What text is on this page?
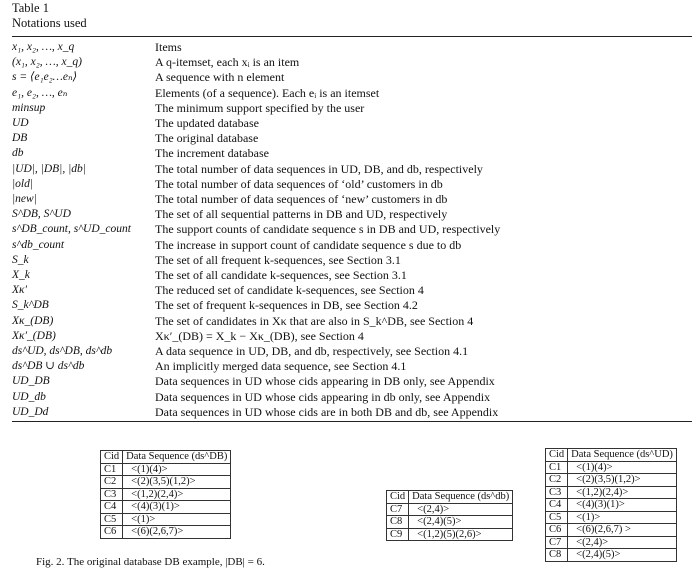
Table 1
Notations used
x₁, x₂, …, x_q	Items
(x₁, x₂, …, x_q)	A q-itemset, each xᵢ is an item
s = ⟨e₁e₂…eₙ⟩	A sequence with n element
e₁, e₂, …, eₙ	Elements (of a sequence). Each eᵢ is an itemset
minsup	The minimum support specified by the user
UD	The updated database
DB	The original database
db	The increment database
|UD|, |DB|, |db|	The total number of data sequences in UD, DB, and db, respectively
|old|	The total number of data sequences of ‘old’ customers in db
|new|	The total number of data sequences of ‘new’ customers in db
S^DB, S^UD	The set of all sequential patterns in DB and UD, respectively
s^DB_count, s^UD_count	The support counts of candidate sequence s in DB and UD, respectively
s^db_count	The increase in support count of candidate sequence s due to db
S_k	The set of all frequent k-sequences, see Section 3.1
X_k	The set of all candidate k-sequences, see Section 3.1
Xκ′	The reduced set of candidate k-sequences, see Section 4
S_k^DB	The set of frequent k-sequences in DB, see Section 4.2
Xκ_(DB)	The set of candidates in Xκ that are also in S_k^DB, see Section 4
Xκ′_(DB)	Xκ′_(DB) = X_k − Xκ_(DB), see Section 4
ds^UD, ds^DB, ds^db	A data sequence in UD, DB, and db, respectively, see Section 4.1
ds^DB ∪ ds^db	An implicitly merged data sequence, see Section 4.1
UD_DB	Data sequences in UD whose cids appearing in DB only, see Appendix
UD_db	Data sequences in UD whose cids appearing in db only, see Appendix
UD_Dd	Data sequences in UD whose cids are in both DB and db, see Appendix
Cid	Data Sequence (ds^DB)
C1	<(1)(4)>
C2	<(2)(3,5)(1,2)>
C3	<(1,2)(2,4)>
C4	<(4)(3)(1)>
C5	<(1)>
C6	<(6)(2,6,7)>
Cid	Data Sequence (ds^db)
C7	<(2,4)>
C8	<(2,4)(5)>
C9	<(1,2)(5)(2,6)>
Cid	Data Sequence (ds^UD)
C1	<(1)(4)>
C2	<(2)(3,5)(1,2)>
C3	<(1,2)(2,4)>
C4	<(4)(3)(1)>
C5	<(1)>
C6	<(6)(2,6,7) >
C7	<(2,4)>
C8	<(2,4)(5)>
Fig. 2. The original database DB example, |DB| = 6.
